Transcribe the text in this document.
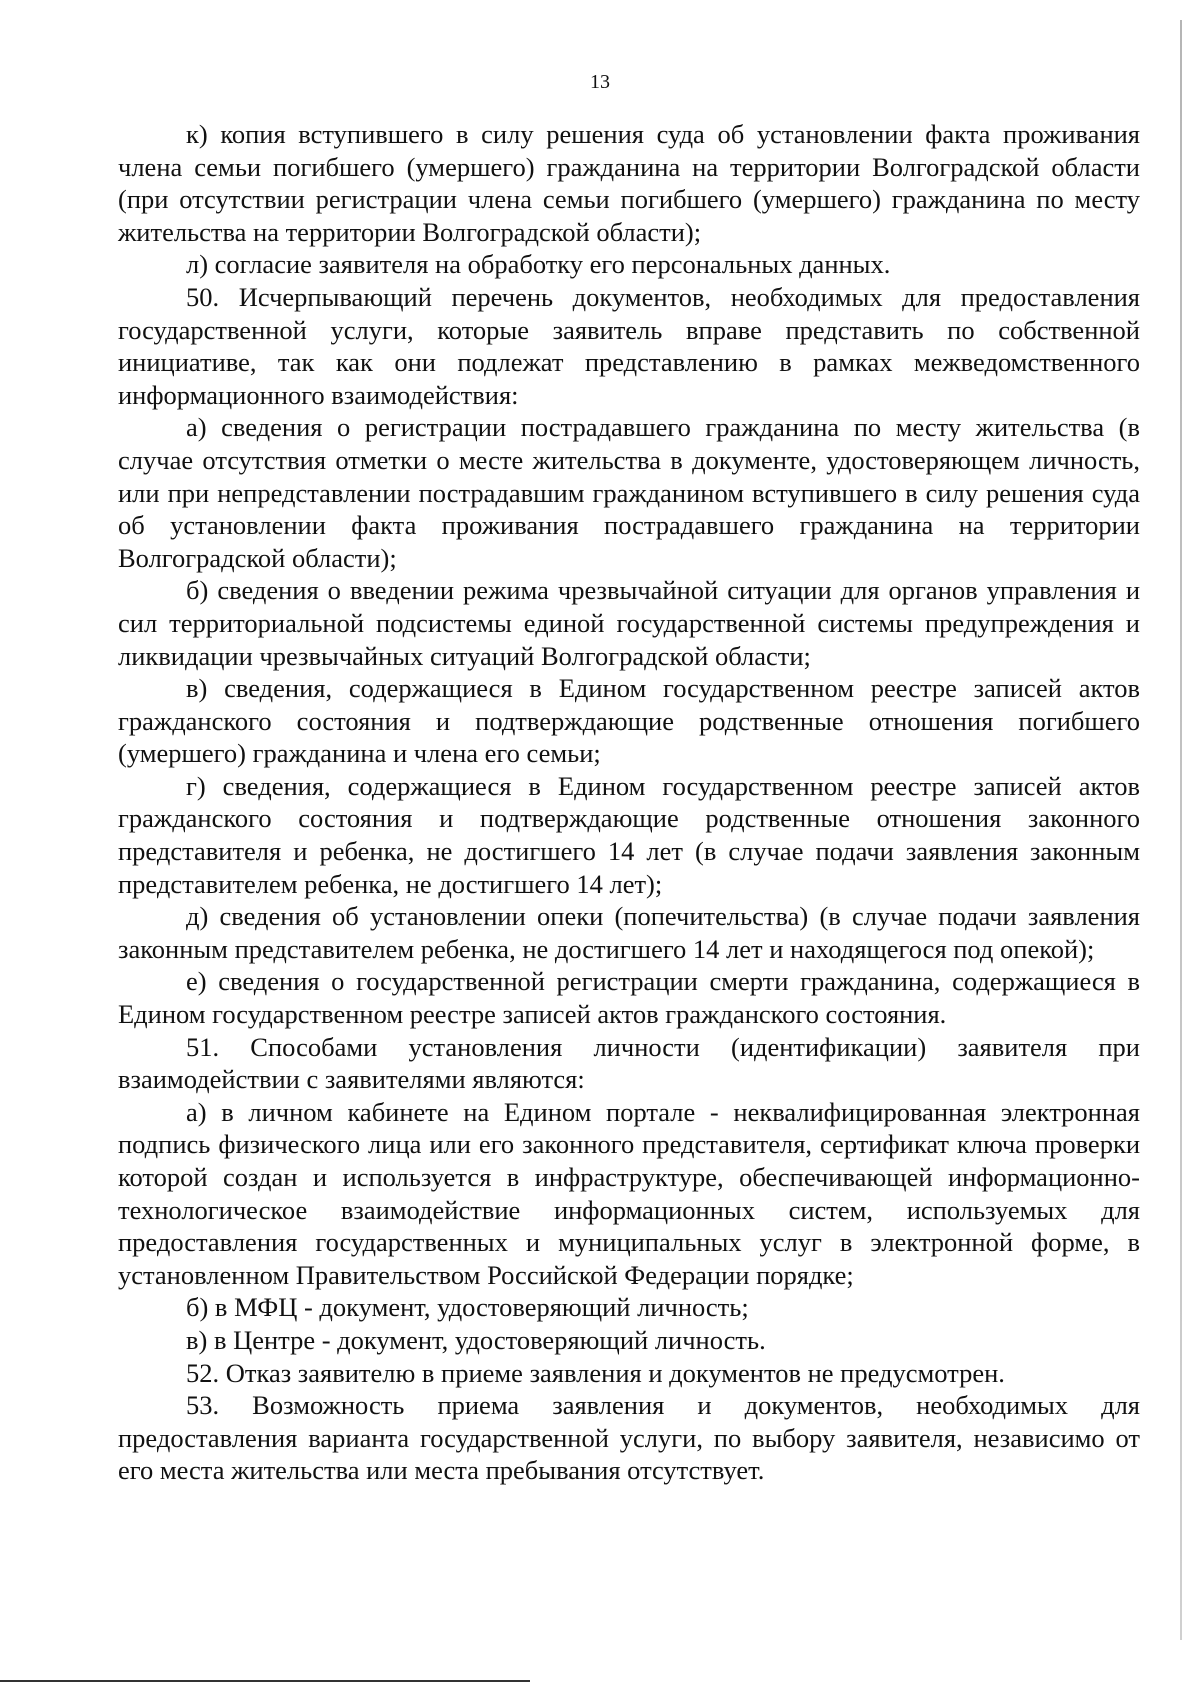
13

к) копия вступившего в силу решения суда об установлении факта проживания члена семьи погибшего (умершего) гражданина на территории Волгоградской области (при отсутствии регистрации члена семьи погибшего (умершего) гражданина по месту жительства на территории Волгоградской области);

л) согласие заявителя на обработку его персональных данных.

50. Исчерпывающий перечень документов, необходимых для предоставления государственной услуги, которые заявитель вправе представить по собственной инициативе, так как они подлежат представлению в рамках межведомственного информационного взаимодействия:

а) сведения о регистрации пострадавшего гражданина по месту жительства (в случае отсутствия отметки о месте жительства в документе, удостоверяющем личность, или при непредставлении пострадавшим гражданином вступившего в силу решения суда об установлении факта проживания пострадавшего гражданина на территории Волгоградской области);

б) сведения о введении режима чрезвычайной ситуации для органов управления и сил территориальной подсистемы единой государственной системы предупреждения и ликвидации чрезвычайных ситуаций Волгоградской области;

в) сведения, содержащиеся в Едином государственном реестре записей актов гражданского состояния и подтверждающие родственные отношения погибшего (умершего) гражданина и члена его семьи;

г) сведения, содержащиеся в Едином государственном реестре записей актов гражданского состояния и подтверждающие родственные отношения законного представителя и ребенка, не достигшего 14 лет (в случае подачи заявления законным представителем ребенка, не достигшего 14 лет);

д) сведения об установлении опеки (попечительства) (в случае подачи заявления законным представителем ребенка, не достигшего 14 лет и находящегося под опекой);

е) сведения о государственной регистрации смерти гражданина, содержащиеся в Едином государственном реестре записей актов гражданского состояния.

51. Способами установления личности (идентификации) заявителя при взаимодействии с заявителями являются:

а) в личном кабинете на Едином портале - неквалифицированная электронная подпись физического лица или его законного представителя, сертификат ключа проверки которой создан и используется в инфраструктуре, обеспечивающей информационно-технологическое взаимодействие информационных систем, используемых для предоставления государственных и муниципальных услуг в электронной форме, в установленном Правительством Российской Федерации порядке;

б) в МФЦ - документ, удостоверяющий личность;

в) в Центре - документ, удостоверяющий личность.

52. Отказ заявителю в приеме заявления и документов не предусмотрен.

53. Возможность приема заявления и документов, необходимых для предоставления варианта государственной услуги, по выбору заявителя, независимо от его места жительства или места пребывания отсутствует.
